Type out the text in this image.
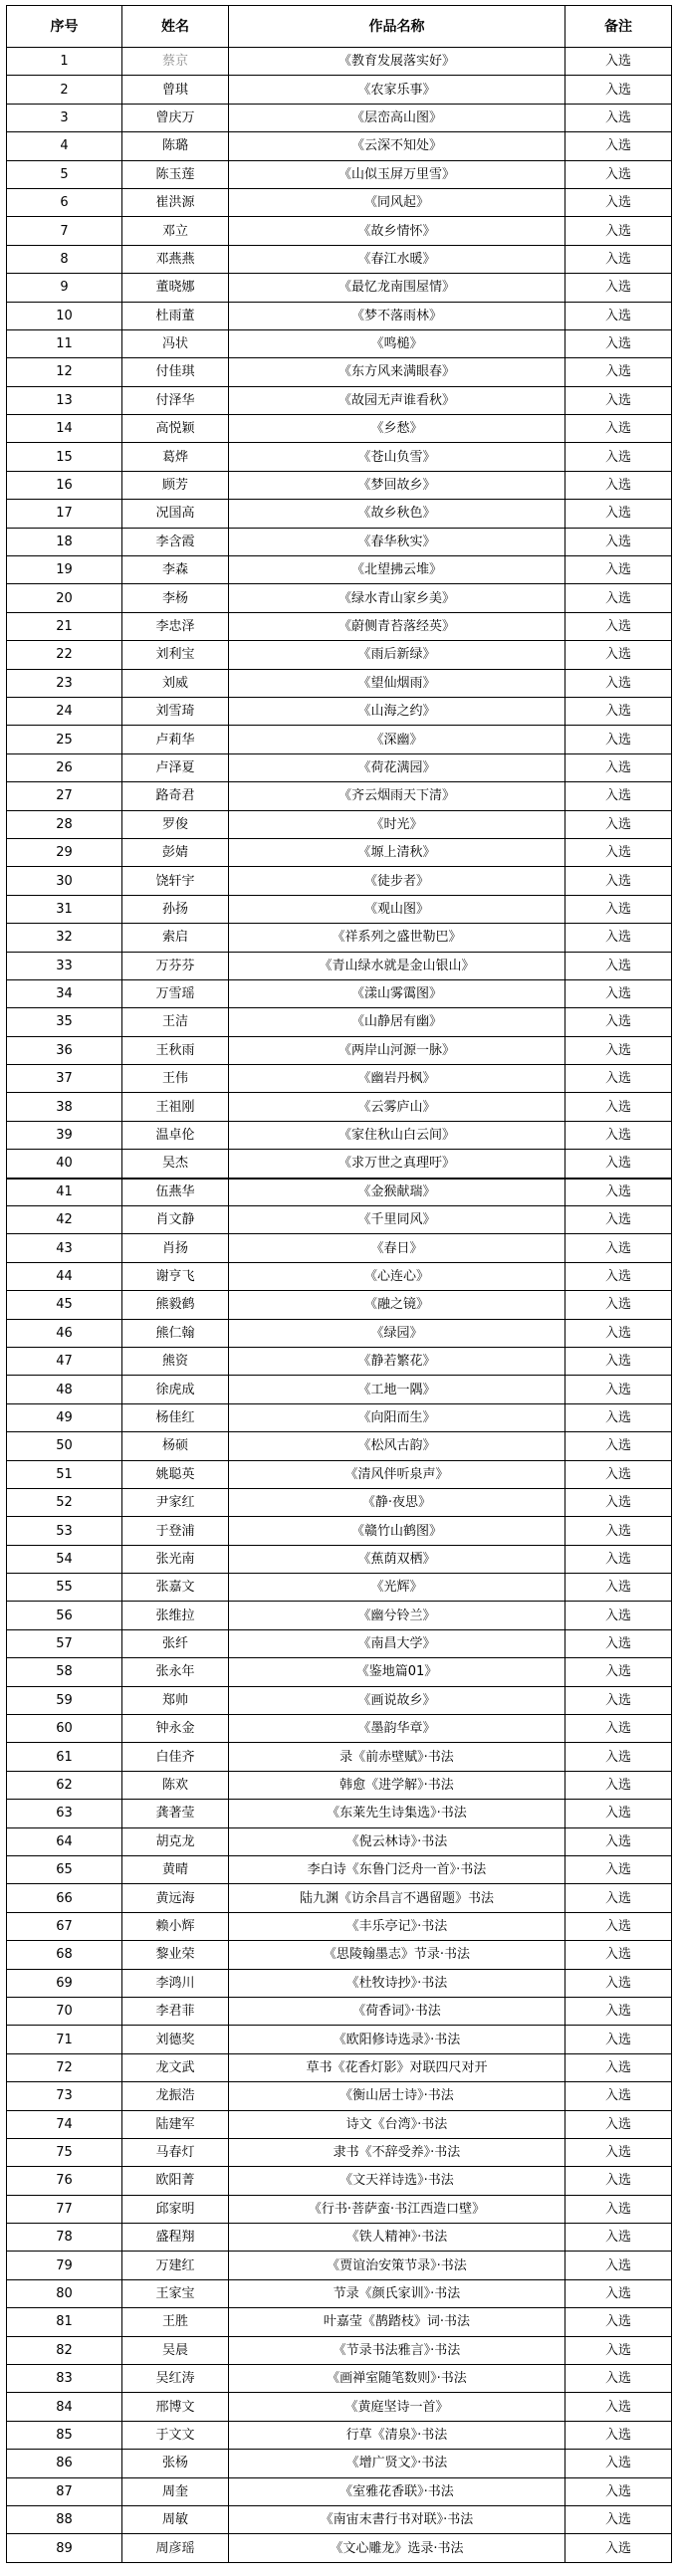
序号	姓名	作品名称	备注
1	蔡京	《教育发展落实好》	入选
2	曾琪	《农家乐事》	入选
3	曾庆万	《层峦高山图》	入选
4	陈璐	《云深不知处》	入选
5	陈玉莲	《山似玉屏万里雪》	入选
6	崔洪源	《同风起》	入选
7	邓立	《故乡情怀》	入选
8	邓燕燕	《春江水暖》	入选
9	董晓娜	《最忆龙南围屋情》	入选
10	杜雨董	《梦不落雨林》	入选
11	冯状	《鸣槌》	入选
12	付佳琪	《东方风来满眼春》	入选
13	付泽华	《故园无声谁看秋》	入选
14	高悦颖	《乡愁》	入选
15	葛烨	《苍山负雪》	入选
16	顾芳	《梦回故乡》	入选
17	况国高	《故乡秋色》	入选
18	李含霞	《春华秋实》	入选
19	李森	《北望拂云堆》	入选
20	李杨	《绿水青山家乡美》	入选
21	李忠泽	《蔚侧青苔落经英》	入选
22	刘利宝	《雨后新绿》	入选
23	刘威	《望仙烟雨》	入选
24	刘雪琦	《山海之约》	入选
25	卢莉华	《深幽》	入选
26	卢泽夏	《荷花满园》	入选
27	路奇君	《齐云烟雨天下清》	入选
28	罗俊	《时光》	入选
29	彭婧	《塬上清秋》	入选
30	饶轩宇	《徒步者》	入选
31	孙扬	《观山图》	入选
32	索启	《祥系列之盛世勒巴》	入选
33	万芬芬	《青山绿水就是金山银山》	入选
34	万雪瑶	《漾山雾霭图》	入选
35	王洁	《山静居有幽》	入选
36	王秋雨	《两岸山河源一脉》	入选
37	王伟	《幽岩丹枫》	入选
38	王祖刚	《云雾庐山》	入选
39	温卓伦	《家住秋山白云间》	入选
40	吴杰	《求万世之真理吁》	入选
41	伍燕华	《金猴献瑞》	入选
42	肖文静	《千里同风》	入选
43	肖扬	《春日》	入选
44	谢亨飞	《心连心》	入选
45	熊毅鹤	《融之镜》	入选
46	熊仁翰	《绿园》	入选
47	熊资	《静若繁花》	入选
48	徐虎成	《工地一隅》	入选
49	杨佳红	《向阳而生》	入选
50	杨硕	《松风古韵》	入选
51	姚聪英	《清风伴听泉声》	入选
52	尹家红	《静·夜思》	入选
53	于登浦	《赣竹山鹤图》	入选
54	张光南	《蕉荫双栖》	入选
55	张嘉文	《光辉》	入选
56	张维拉	《幽兮铃兰》	入选
57	张纤	《南昌大学》	入选
58	张永年	《鉴地篇01》	入选
59	郑帅	《画说故乡》	入选
60	钟永金	《墨韵华章》	入选
61	白佳齐	录《前赤壁赋》·书法	入选
62	陈欢	韩愈《进学解》·书法	入选
63	龚著莹	《东莱先生诗集选》·书法	入选
64	胡克龙	《倪云林诗》·书法	入选
65	黄晴	李白诗《东鲁门泛舟一首》·书法	入选
66	黄远海	陆九渊《访余昌言不遇留题》书法	入选
67	赖小辉	《丰乐亭记》·书法	入选
68	黎业荣	《思陵翰墨志》节录·书法	入选
69	李鸿川	《杜牧诗抄》·书法	入选
70	李君菲	《荷香词》·书法	入选
71	刘德奖	《欧阳修诗选录》·书法	入选
72	龙文武	草书《花香灯影》对联四尺对开	入选
73	龙振浩	《衡山居士诗》·书法	入选
74	陆建军	诗文《台湾》·书法	入选
75	马春灯	隶书《不辞受养》·书法	入选
76	欧阳菁	《文天祥诗选》·书法	入选
77	邱家明	《行书·菩萨蛮·书江西造口壁》	入选
78	盛程翔	《铁人精神》·书法	入选
79	万建红	《贾谊治安策节录》·书法	入选
80	王家宝	节录《颜氏家训》·书法	入选
81	王胜	叶嘉莹《鹊踏枝》词·书法	入选
82	吴晨	《节录书法雅言》·书法	入选
83	吴红涛	《画禅室随笔数则》·书法	入选
84	邢博文	《黄庭坚诗一首》	入选
85	于文文	行草《清泉》·书法	入选
86	张杨	《增广贤文》·书法	入选
87	周奎	《室雅花香联》·书法	入选
88	周敏	《南宙末書行书对联》·书法	入选
89	周彦瑶	《文心雕龙》选录·书法	入选
